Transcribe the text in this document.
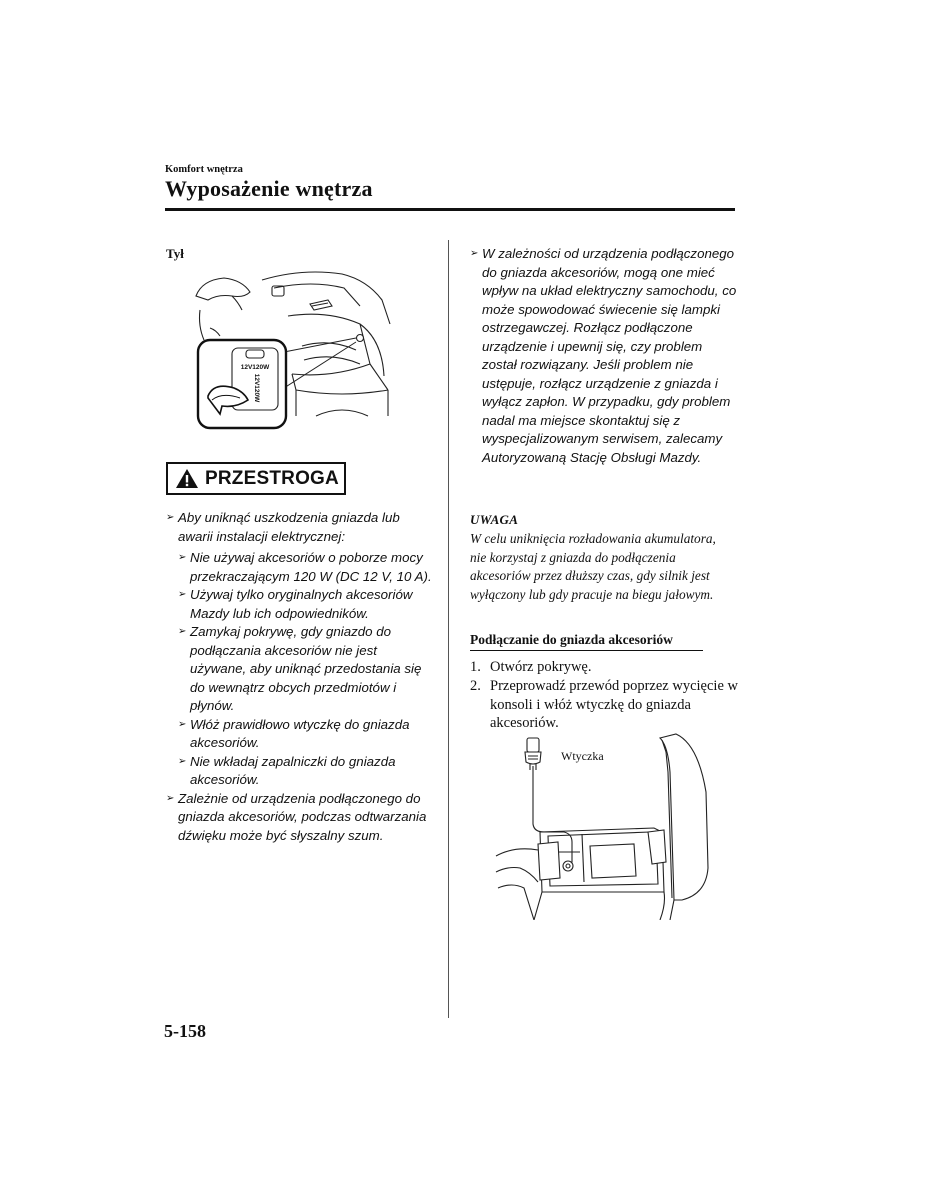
Komfort wnętrza
Wyposażenie wnętrza
Tył
12V120W
12V120W
PRZESTROGA
➢ Aby uniknąć uszkodzenia gniazda lub awarii instalacji elektrycznej:
➢ Nie używaj akcesoriów o poborze mocy przekraczającym 120 W (DC 12 V, 10 A).
➢ Używaj tylko oryginalnych akcesoriów Mazdy lub ich odpowiedników.
➢ Zamykaj pokrywę, gdy gniazdo do podłączania akcesoriów nie jest używane, aby uniknąć przedostania się do wewnątrz obcych przedmiotów i płynów.
➢ Włóż prawidłowo wtyczkę do gniazda akcesoriów.
➢ Nie wkładaj zapalniczki do gniazda akcesoriów.
➢ Zależnie od urządzenia podłączonego do gniazda akcesoriów, podczas odtwarzania dźwięku może być słyszalny szum.
➢ W zależności od urządzenia podłączonego do gniazda akcesoriów, mogą one mieć wpływ na układ elektryczny samochodu, co może spowodować świecenie się lampki ostrzegawczej. Rozłącz podłączone urządzenie i upewnij się, czy problem został rozwiązany. Jeśli problem nie ustępuje, rozłącz urządzenie z gniazda i wyłącz zapłon. W przypadku, gdy problem nadal ma miejsce skontaktuj się z wyspecjalizowanym serwisem, zalecamy Autoryzowaną Stację Obsługi Mazdy.
UWAGA
W celu uniknięcia rozładowania akumulatora, nie korzystaj z gniazda do podłączenia akcesoriów przez dłuższy czas, gdy silnik jest wyłączony lub gdy pracuje na biegu jałowym.
Podłączanie do gniazda akcesoriów
1. Otwórz pokrywę.
2. Przeprowadź przewód poprzez wycięcie w konsoli i włóż wtyczkę do gniazda akcesoriów.
Wtyczka
5-158
